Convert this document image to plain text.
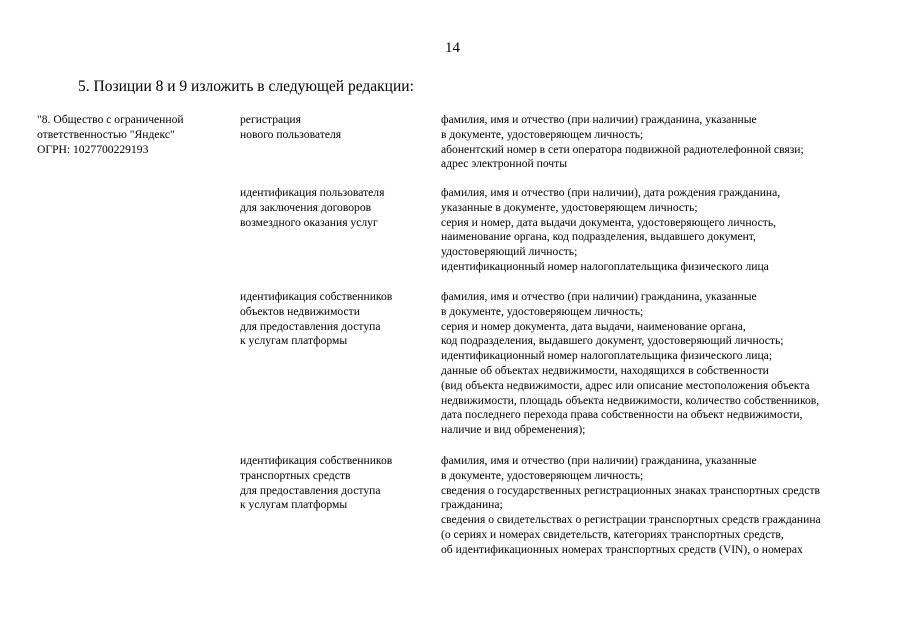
14
5. Позиции 8 и 9 изложить в следующей редакции:
"8. Общество с ограниченной
ответственностью "Яндекс"
ОГРН: 1027700229193
регистрация
нового пользователя
фамилия, имя и отчество (при наличии) гражданина, указанные
в документе, удостоверяющем личность;
абонентский номер в сети оператора подвижной радиотелефонной связи;
адрес электронной почты
идентификация пользователя
для заключения договоров
возмездного оказания услуг
фамилия, имя и отчество (при наличии), дата рождения гражданина,
указанные в документе, удостоверяющем личность;
серия и номер, дата выдачи документа, удостоверяющего личность,
наименование органа, код подразделения, выдавшего документ,
удостоверяющий личность;
идентификационный номер налогоплательщика физического лица
идентификация собственников
объектов недвижимости
для предоставления доступа
к услугам платформы
фамилия, имя и отчество (при наличии) гражданина, указанные
в документе, удостоверяющем личность;
серия и номер документа, дата выдачи, наименование органа,
код подразделения, выдавшего документ, удостоверяющий личность;
идентификационный номер налогоплательщика физического лица;
данные об объектах недвижимости, находящихся в собственности
(вид объекта недвижимости, адрес или описание местоположения объекта
недвижимости, площадь объекта недвижимости, количество собственников,
дата последнего перехода права собственности на объект недвижимости,
наличие и вид обременения);
идентификация собственников
транспортных средств
для предоставления доступа
к услугам платформы
фамилия, имя и отчество (при наличии) гражданина, указанные
в документе, удостоверяющем личность;
сведения о государственных регистрационных знаках транспортных средств
гражданина;
сведения о свидетельствах о регистрации транспортных средств гражданина
(о сериях и номерах свидетельств, категориях транспортных средств,
об идентификационных номерах транспортных средств (VIN), о номерах
